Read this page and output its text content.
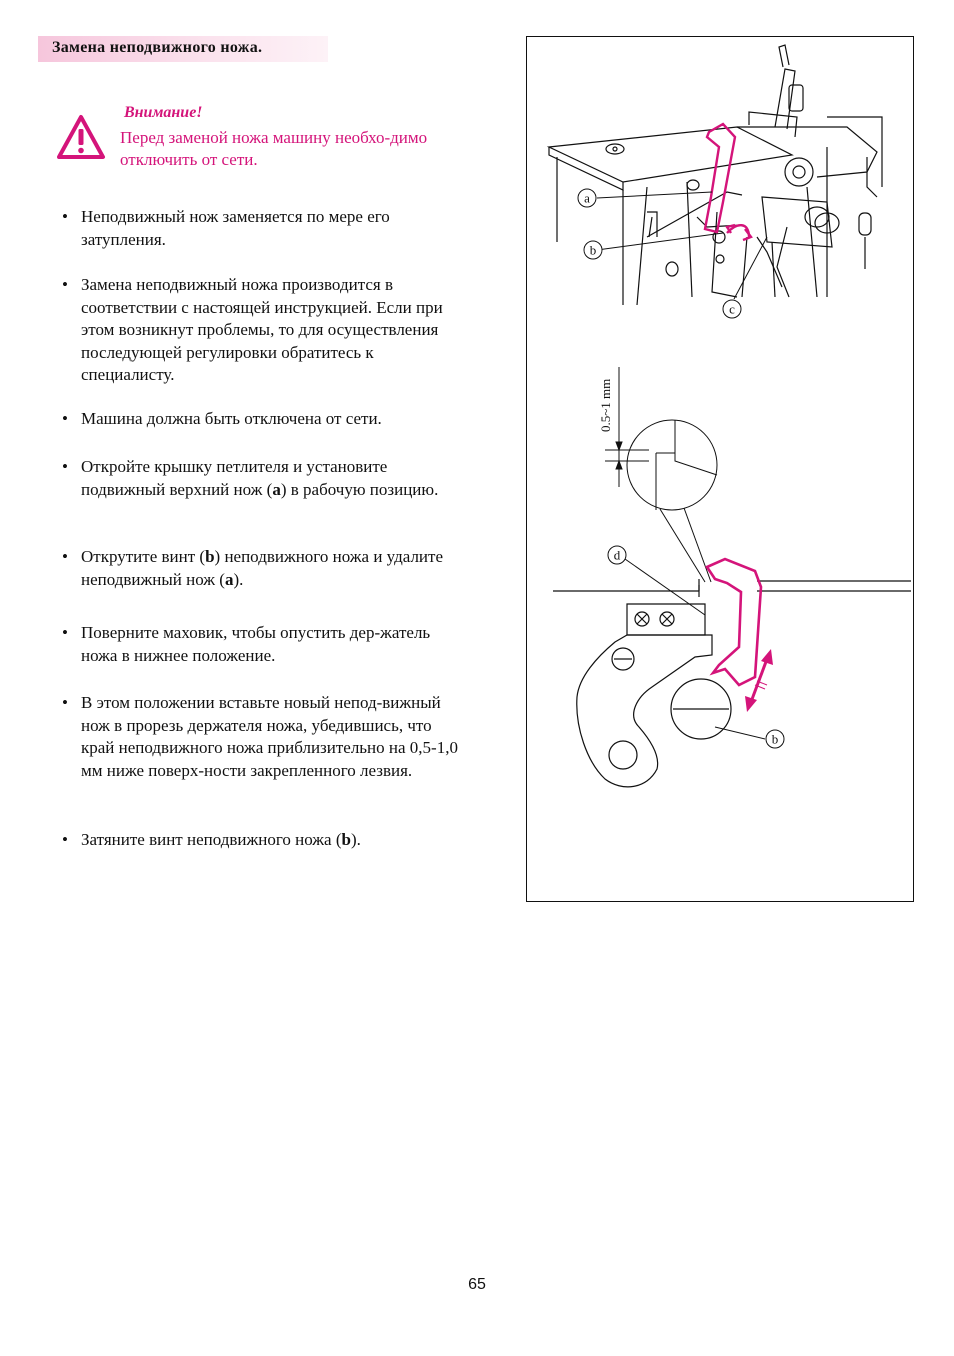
Замена неподвижного ножа.
Внимание!
Перед заменой ножа машину необхо-димо отключить от сети.
• Неподвижный нож заменяется по мере его затупления.
• Замена неподвижный ножа производится в соответствии с настоящей инструкцией. Если при этом возникнут проблемы, то для осуществления последующей регулировки обратитесь к специалисту.
• Машина должна быть отключена от сети.
• Откройте крышку петлителя и установите подвижный верхний нож (a) в рабочую позицию.
• Открутите винт (b) неподвижного ножа и удалите неподвижный нож (a).
• Поверните маховик, чтобы опустить дер-жатель ножа в нижнее положение.
• В этом положении вставьте новый непод-вижный нож в прорезь держателя ножа, убедившись, что край неподвижного ножа приблизительно на 0,5-1,0 мм ниже поверх-ности закрепленного лезвия.
• Затяните винт неподвижного ножа (b).
a
b
c
0.5~1 mm
d
b
65
